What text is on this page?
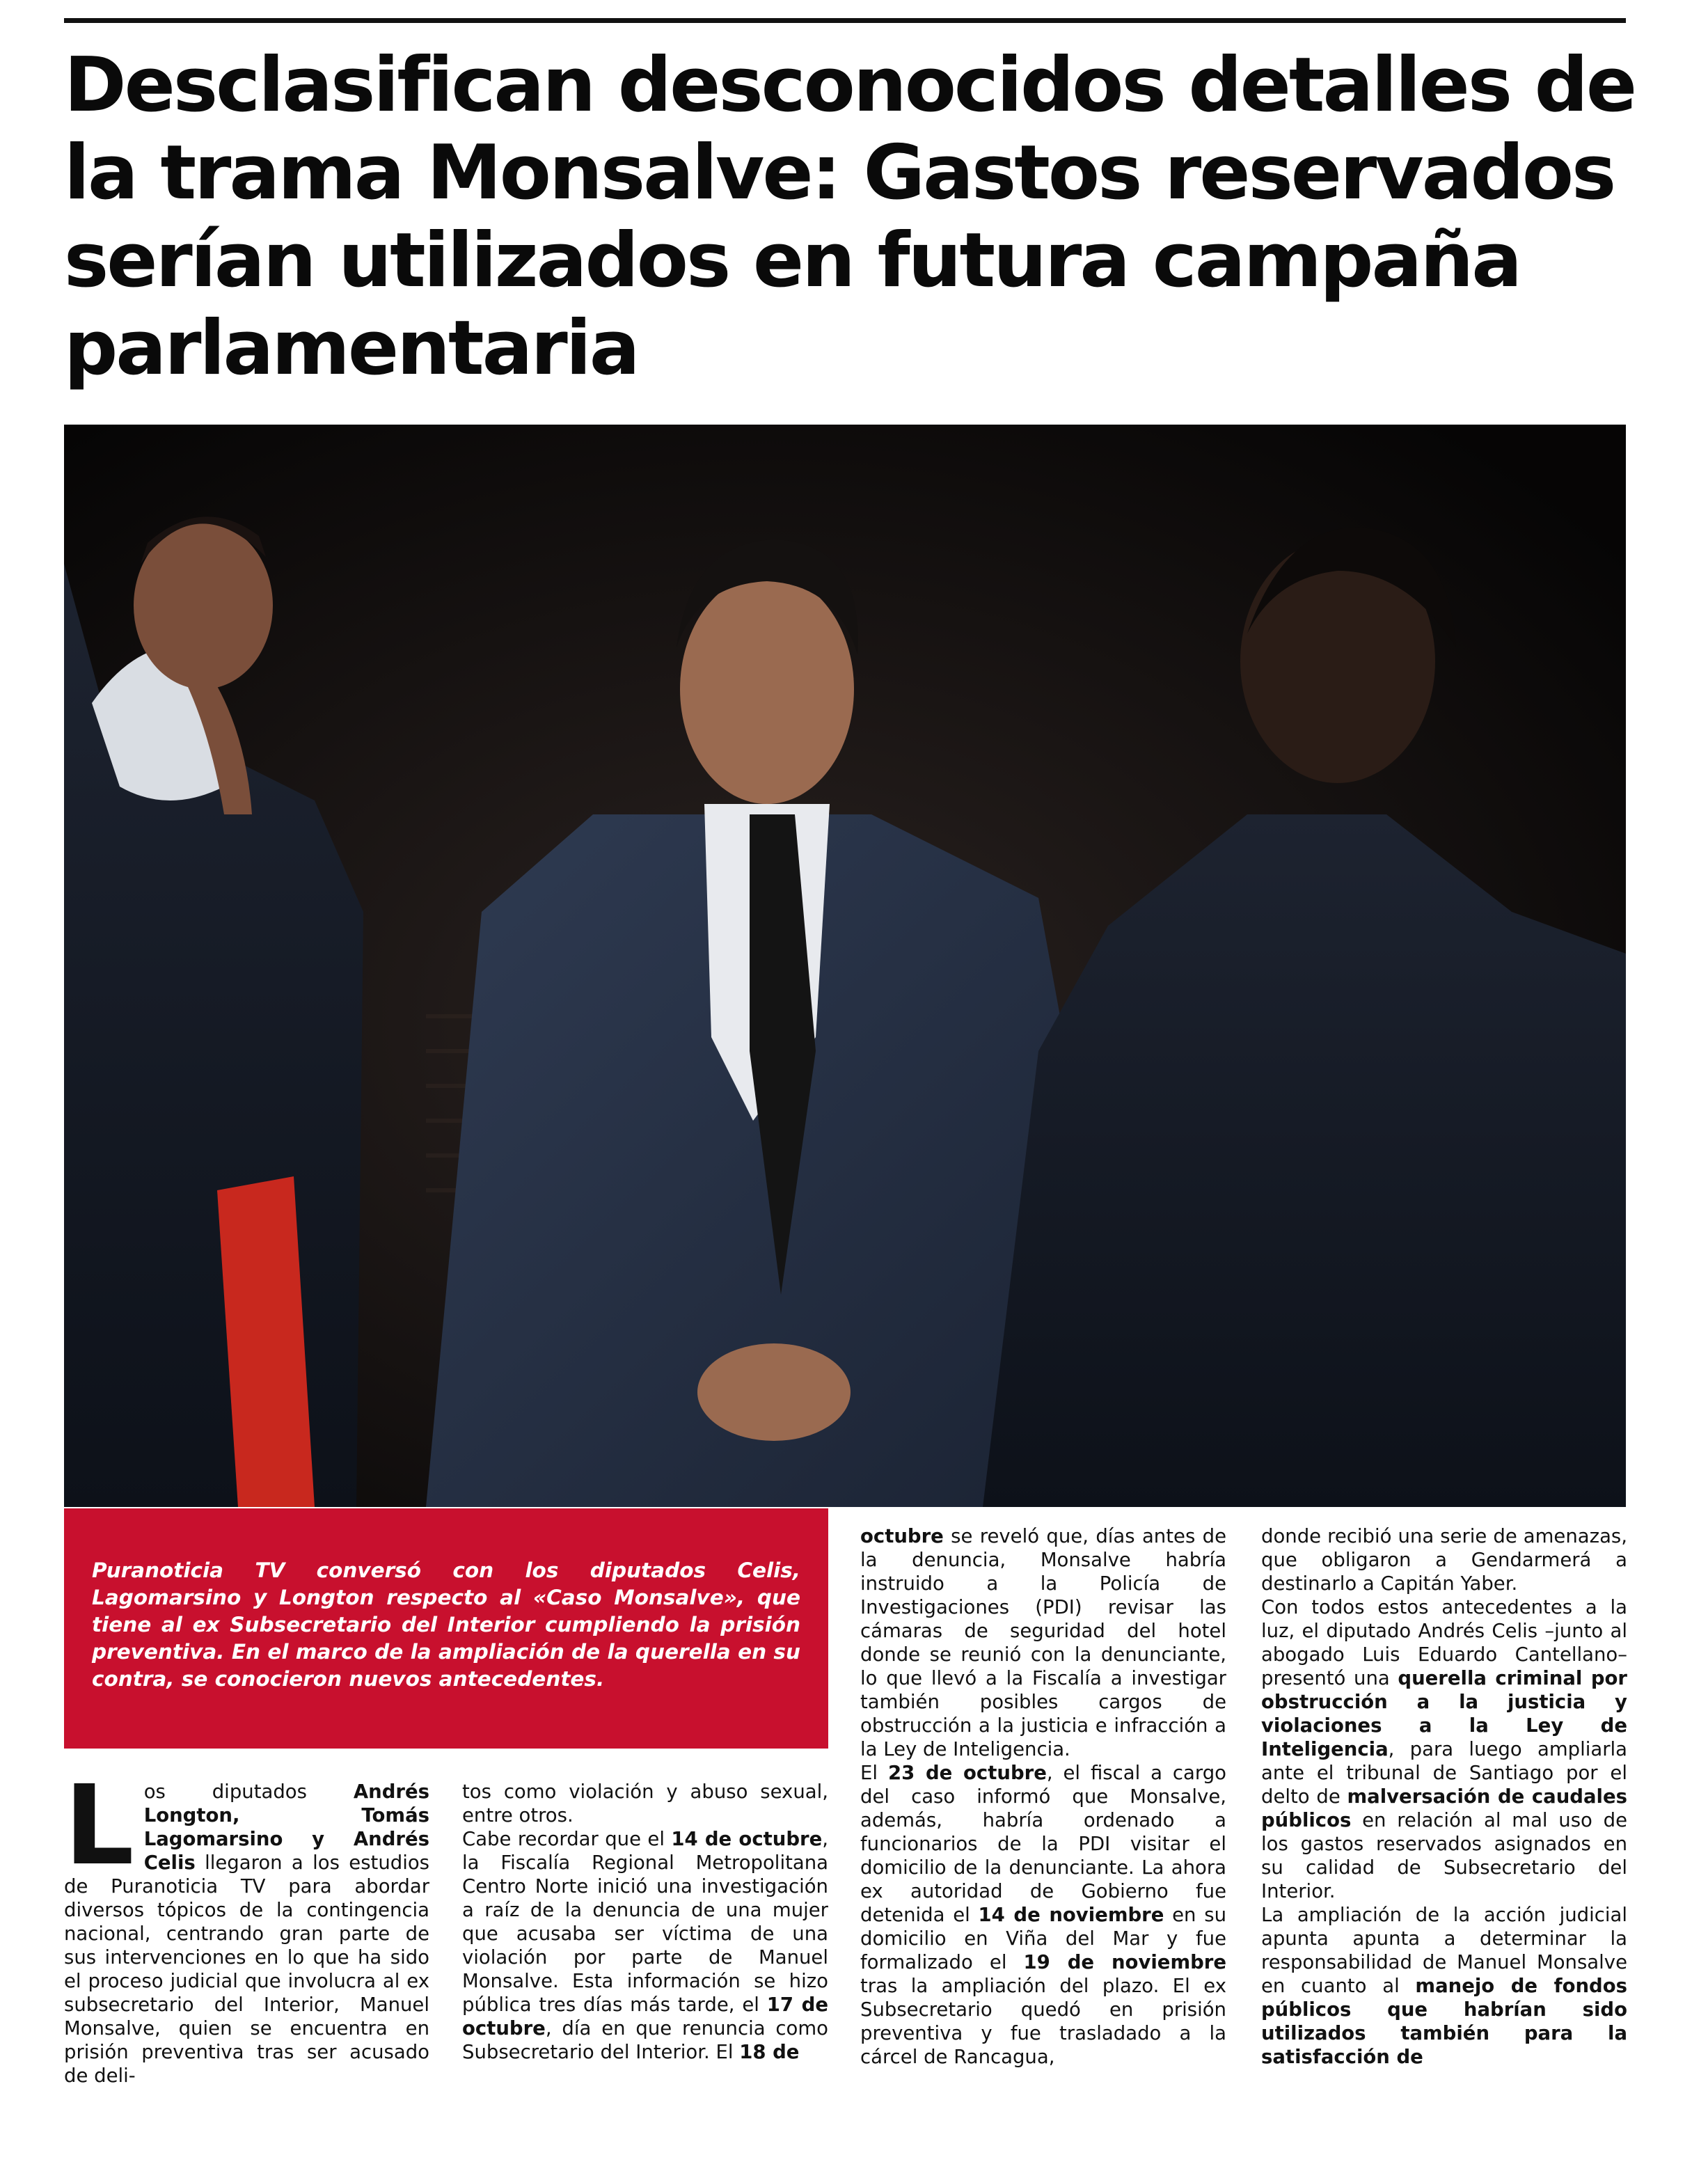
Desclasifican desconocidos detalles de la trama Monsalve: Gastos reservados serían utilizados en futura campaña parlamentaria

Puranoticia TV conversó con los diputados Celis, Lagomarsino y Longton respecto al «Caso Monsalve», que tiene al ex Subsecretario del Interior cumpliendo la prisión preventiva. En el marco de la ampliación de la querella en su contra, se conocieron nuevos antecedentes.

L os diputados Andrés Longton, Tomás Lagomarsino y Andrés Celis llegaron a los estudios de Puranoticia TV para abordar diversos tópicos de la contingencia nacional, centrando gran parte de sus intervenciones en lo que ha sido el proceso judicial que involucra al ex subsecretario del Interior, Manuel Monsalve, quien se encuentra en prisión preventiva tras ser acusado de deli-

tos como violación y abuso sexual, entre otros.

Cabe recordar que el 14 de octubre, la Fiscalía Regional Metropolitana Centro Norte inició una investigación a raíz de la denuncia de una mujer que acusaba ser víctima de una violación por parte de Manuel Monsalve. Esta información se hizo pública tres días más tarde, el 17 de octubre, día en que renuncia como Subsecretario del Interior. El 18 de

octubre se reveló que, días antes de la denuncia, Monsalve habría instruido a la Policía de Investigaciones (PDI) revisar las cámaras de seguridad del hotel donde se reunió con la denunciante, lo que llevó a la Fiscalía a investigar también posibles cargos de obstrucción a la justicia e infracción a la Ley de Inteligencia.

El 23 de octubre, el fiscal a cargo del caso informó que Monsalve, además, habría ordenado a funcionarios de la PDI visitar el domicilio de la denunciante. La ahora ex autoridad de Gobierno fue detenida el 14 de noviembre en su domicilio en Viña del Mar y fue formalizado el 19 de noviembre tras la ampliación del plazo. El ex Subsecretario quedó en prisión preventiva y fue trasladado a la cárcel de Rancagua,

donde recibió una serie de amenazas, que obligaron a Gendarmerá a destinarlo a Capitán Yaber.

Con todos estos antecedentes a la luz, el diputado Andrés Celis –junto al abogado Luis Eduardo Cantellano– presentó una querella criminal por obstrucción a la justicia y violaciones a la Ley de Inteligencia, para luego ampliarla ante el tribunal de Santiago por el delto de malversación de caudales públicos en relación al mal uso de los gastos reservados asignados en su calidad de Subsecretario del Interior.

La ampliación de la acción judicial apunta apunta a determinar la responsabilidad de Manuel Monsalve en cuanto al manejo de fondos públicos que habrían sido utilizados también para la satisfacción de
